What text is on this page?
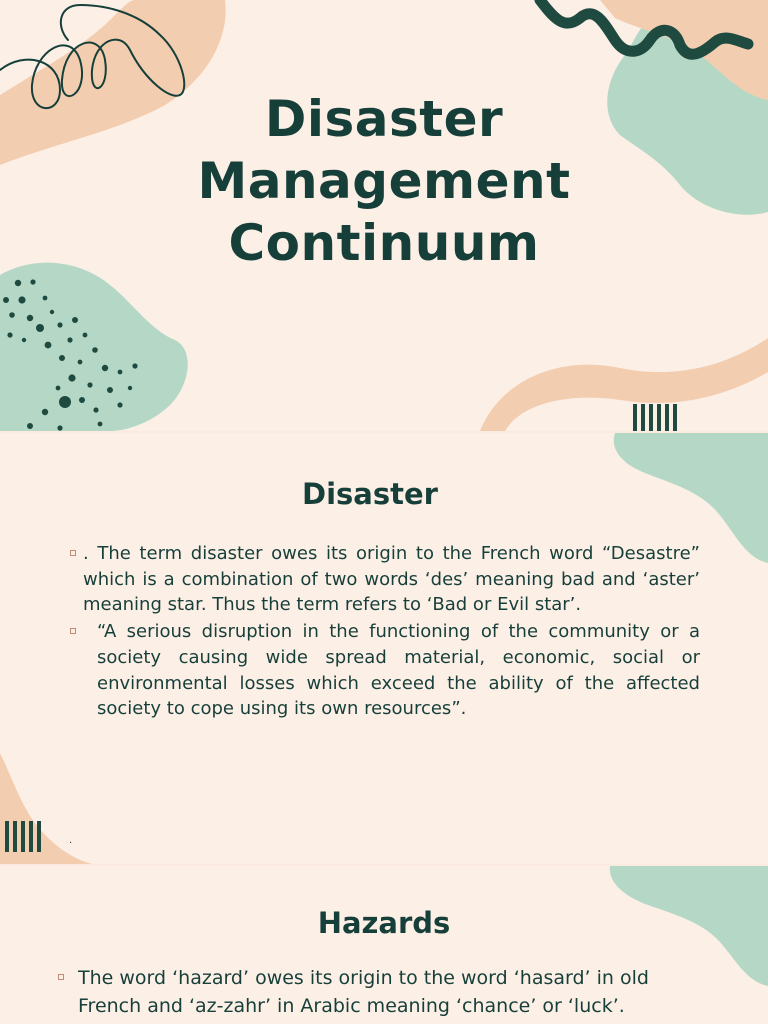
Disaster
Management
Continuum
Disaster
. The term disaster owes its origin to the French word “Desastre” which is a combination of two words ‘des’ meaning bad and ‘aster’ meaning star. Thus the term refers to ‘Bad or Evil star’.
“A serious disruption in the functioning of the community or a society causing wide spread material, economic, social or environmental losses which exceed the ability of the affected society to cope using its own resources”.
.
Hazards
The word ‘hazard’ owes its origin to the word ‘hasard’ in old French and ‘az-zahr’ in Arabic meaning ‘chance’ or ‘luck’.
